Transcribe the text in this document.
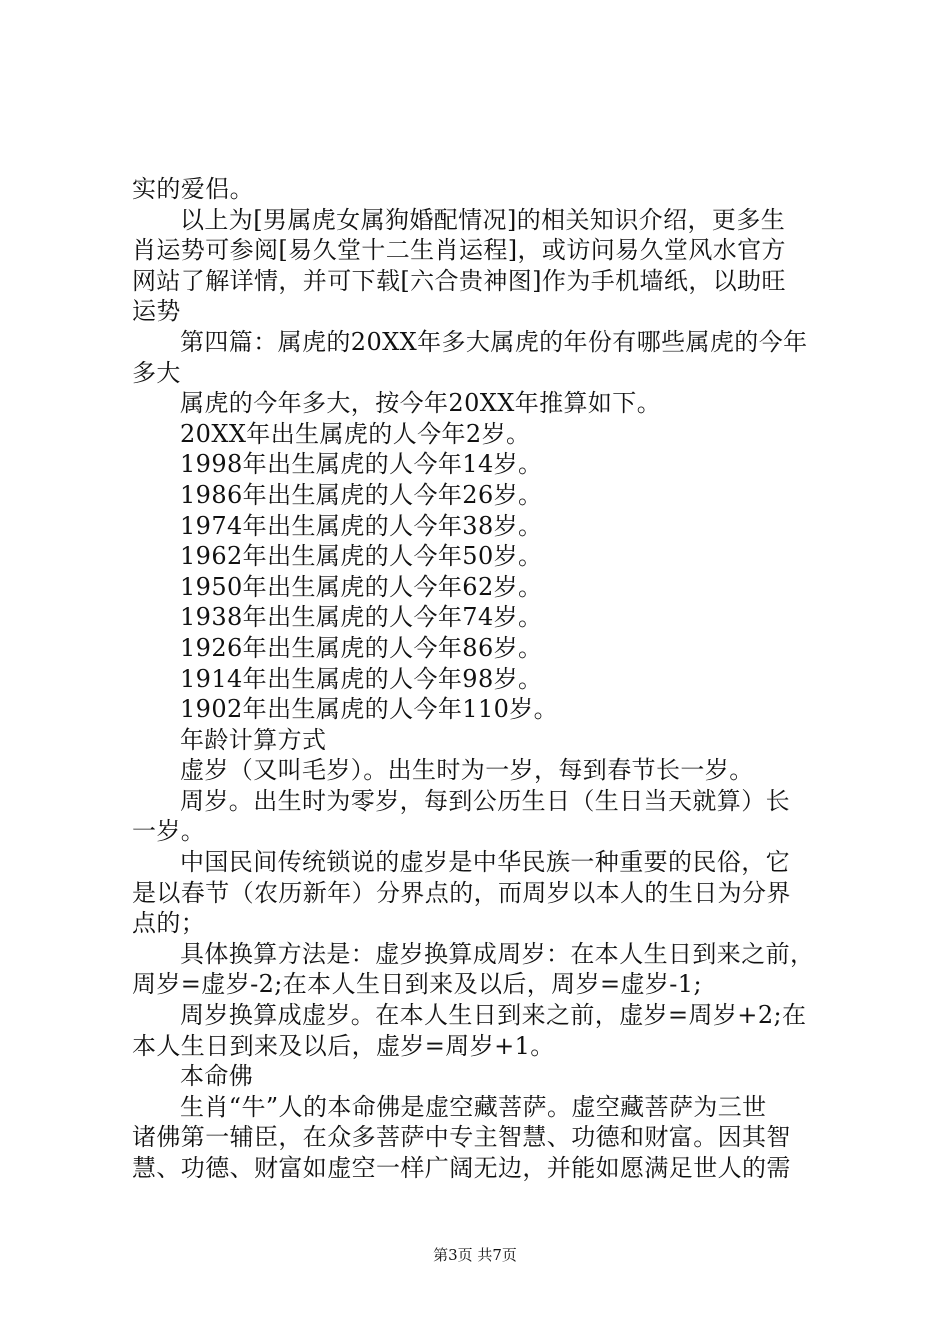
实的爱侣。
以上为[男属虎女属狗婚配情况]的相关知识介绍，更多生
肖运势可参阅[易久堂十二生肖运程]，或访问易久堂风水官方
网站了解详情，并可下载[六合贵神图]作为手机墙纸，以助旺
运势
第四篇：属虎的20XX年多大属虎的年份有哪些属虎的今年
多大
属虎的今年多大，按今年20XX年推算如下。
20XX年出生属虎的人今年2岁。
1998年出生属虎的人今年14岁。
1986年出生属虎的人今年26岁。
1974年出生属虎的人今年38岁。
1962年出生属虎的人今年50岁。
1950年出生属虎的人今年62岁。
1938年出生属虎的人今年74岁。
1926年出生属虎的人今年86岁。
1914年出生属虎的人今年98岁。
1902年出生属虎的人今年110岁。
年龄计算方式
虚岁（又叫毛岁）。出生时为一岁，每到春节长一岁。
周岁。出生时为零岁，每到公历生日（生日当天就算）长
一岁。
中国民间传统锁说的虚岁是中华民族一种重要的民俗，它
是以春节（农历新年）分界点的，而周岁以本人的生日为分界
点的；
具体换算方法是：虚岁换算成周岁：在本人生日到来之前，
周岁=虚岁-2;在本人生日到来及以后，周岁=虚岁-1;
周岁换算成虚岁。在本人生日到来之前，虚岁=周岁+2;在
本人生日到来及以后，虚岁=周岁+1。
本命佛
生肖“牛”人的本命佛是虚空藏菩萨。虚空藏菩萨为三世
诸佛第一辅臣，在众多菩萨中专主智慧、功德和财富。因其智
慧、功德、财富如虚空一样广阔无边，并能如愿满足世人的需
第3页 共7页
